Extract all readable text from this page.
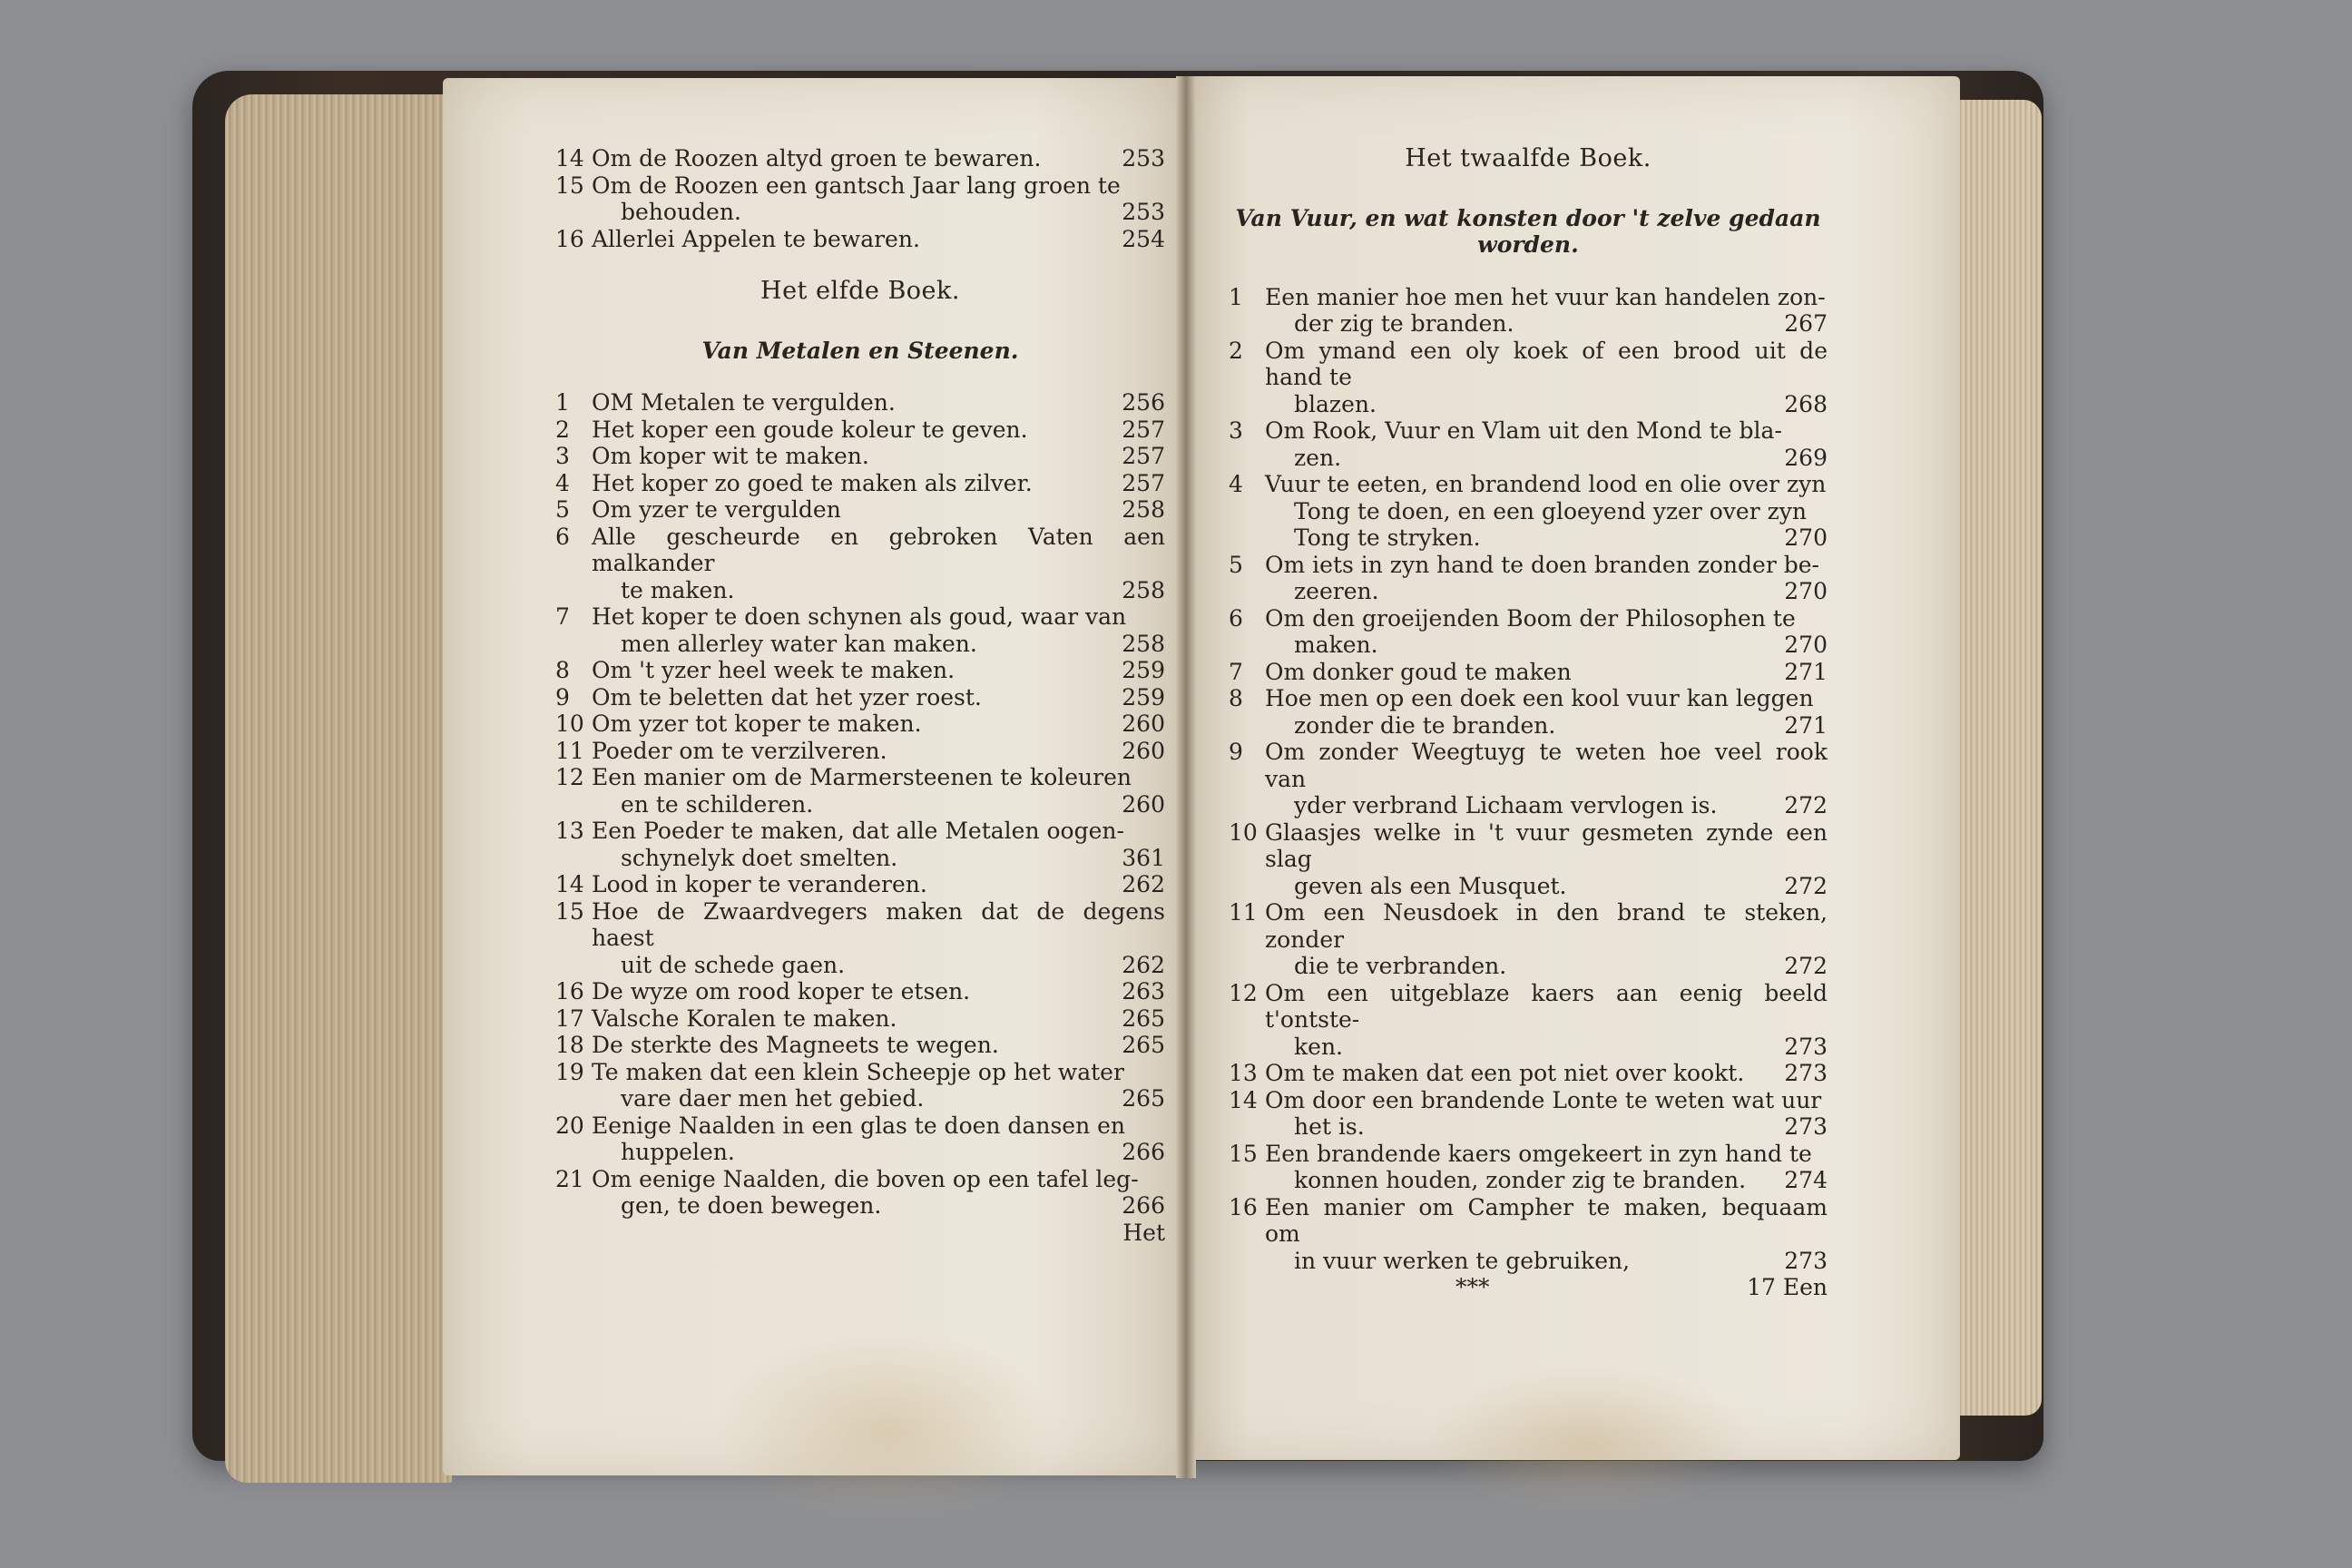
14 Om de Roozen altyd groen te bewaren.	253
15 Om de Roozen een gantsch Jaar lang groen te
behouden.	253
16 Allerlei Appelen te bewaren.	254
Het elfde Boek.
Van Metalen en Steenen.
1 OM Metalen te vergulden.	256
2 Het koper een goude koleur te geven.	257
3 Om koper wit te maken.	257
4 Het koper zo goed te maken als zilver.	257
5 Om yzer te vergulden	258
6 Alle gescheurde en gebroken Vaten aen malkander
te maken.	258
7 Het koper te doen schynen als goud, waar van
men allerley water kan maken.	258
8 Om 't yzer heel week te maken.	259
9 Om te beletten dat het yzer roest.	259
10 Om yzer tot koper te maken.	260
11 Poeder om te verzilveren.	260
12 Een manier om de Marmersteenen te koleuren
en te schilderen.	260
13 Een Poeder te maken, dat alle Metalen oogen-
schynelyk doet smelten.	361
14 Lood in koper te veranderen.	262
15 Hoe de Zwaardvegers maken dat de degens haest
uit de schede gaen.	262
16 De wyze om rood koper te etsen.	263
17 Valsche Koralen te maken.	265
18 De sterkte des Magneets te wegen.	265
19 Te maken dat een klein Scheepje op het water
vare daer men het gebied.	265
20 Eenige Naalden in een glas te doen dansen en
huppelen.	266
21 Om eenige Naalden, die boven op een tafel leg-
gen, te doen bewegen.	266
Het
Het twaalfde Boek.
Van Vuur, en wat konsten door 't zelve gedaan worden.
1 Een manier hoe men het vuur kan handelen zon-
der zig te branden.	267
2 Om ymand een oly koek of een brood uit de hand te
blazen.	268
3 Om Rook, Vuur en Vlam uit den Mond te bla-
zen.	269
4 Vuur te eeten, en brandend lood en olie over zyn
Tong te doen, en een gloeyend yzer over zyn
Tong te stryken.	270
5 Om iets in zyn hand te doen branden zonder be-
zeeren.	270
6 Om den groeijenden Boom der Philosophen te
maken.	270
7 Om donker goud te maken	271
8 Hoe men op een doek een kool vuur kan leggen
zonder die te branden.	271
9 Om zonder Weegtuyg te weten hoe veel rook van
yder verbrand Lichaam vervlogen is.	272
10 Glaasjes welke in 't vuur gesmeten zynde een slag
geven als een Musquet.	272
11 Om een Neusdoek in den brand te steken, zonder
die te verbranden.	272
12 Om een uitgeblaze kaers aan eenig beeld t'ontste-
ken.	273
13 Om te maken dat een pot niet over kookt.	273
14 Om door een brandende Lonte te weten wat uur
het is.	273
15 Een brandende kaers omgekeert in zyn hand te
konnen houden, zonder zig te branden.	274
16 Een manier om Campher te maken, bequaam om
in vuur werken te gebruiken,	273
***	17 Een
